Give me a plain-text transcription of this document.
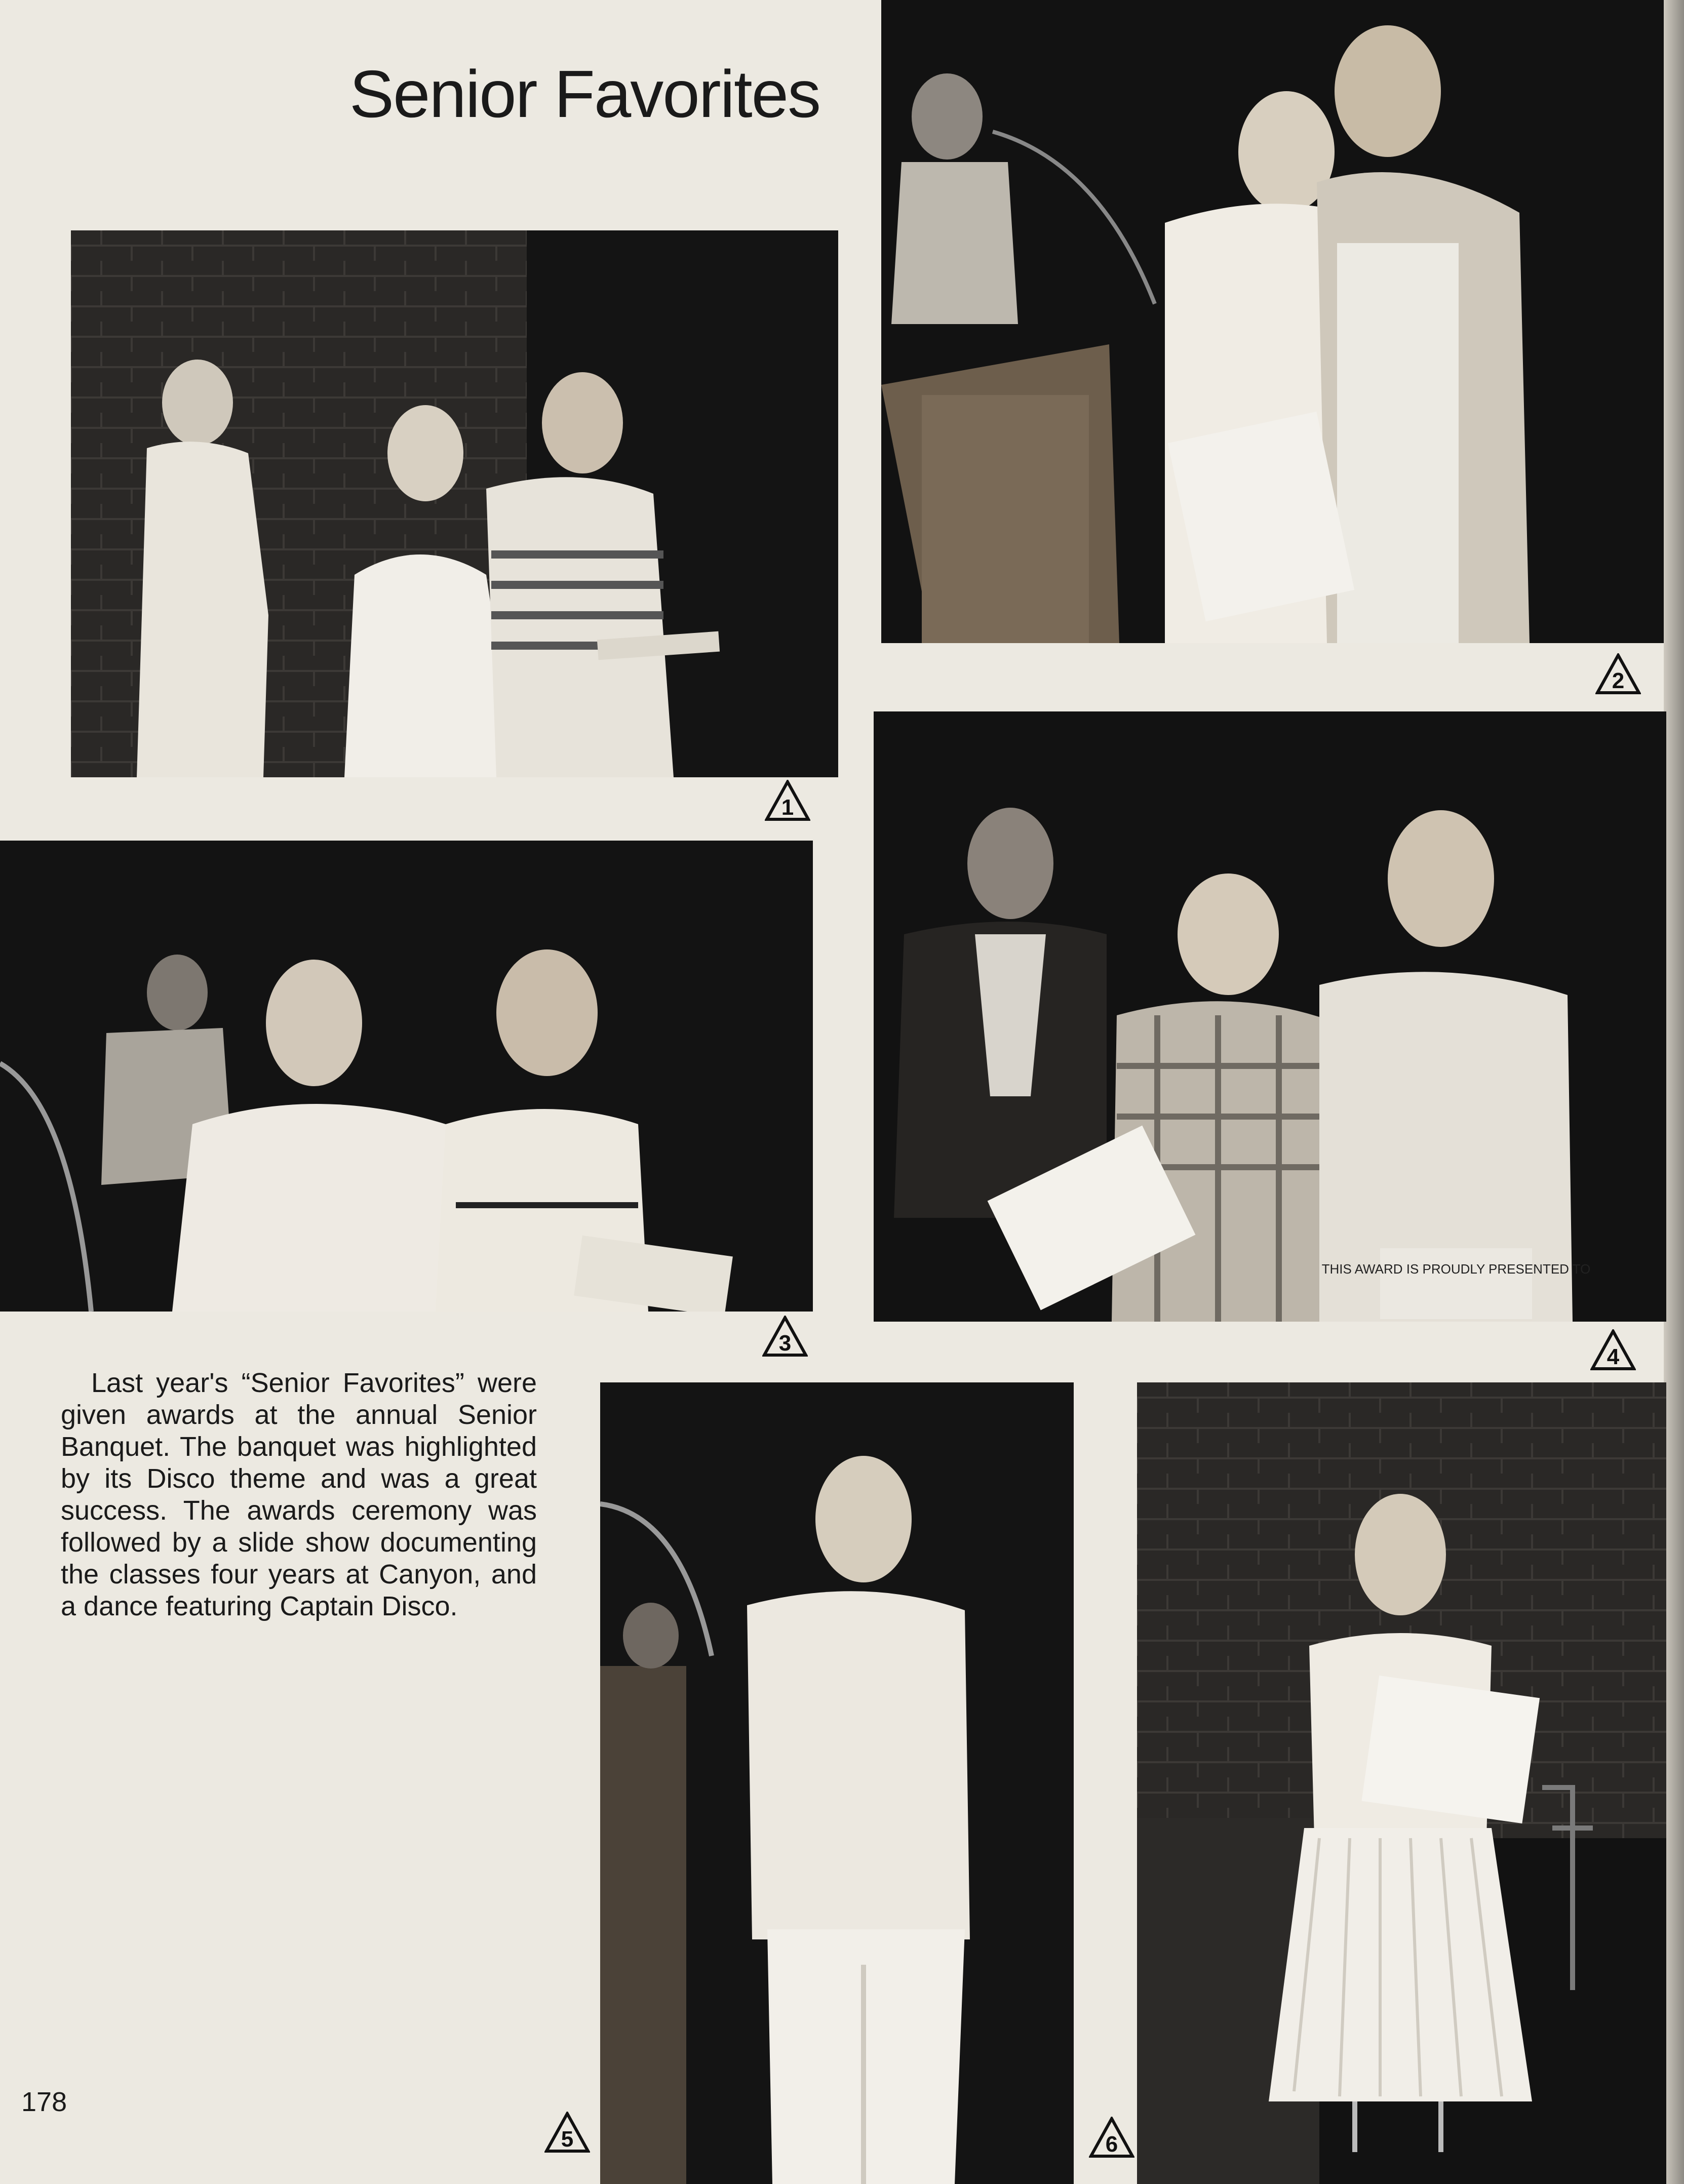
Senior Favorites
1
2
3
THIS AWARD IS PROUDLY PRESENTED TO
4
Last year's “Senior Favorites” were given awards at the annual Senior Banquet. The banquet was highlighted by its Disco theme and was a great success. The awards ceremony was followed by a slide show documenting the classes four years at Canyon, and a dance featuring Captain Disco.
5	6
178
